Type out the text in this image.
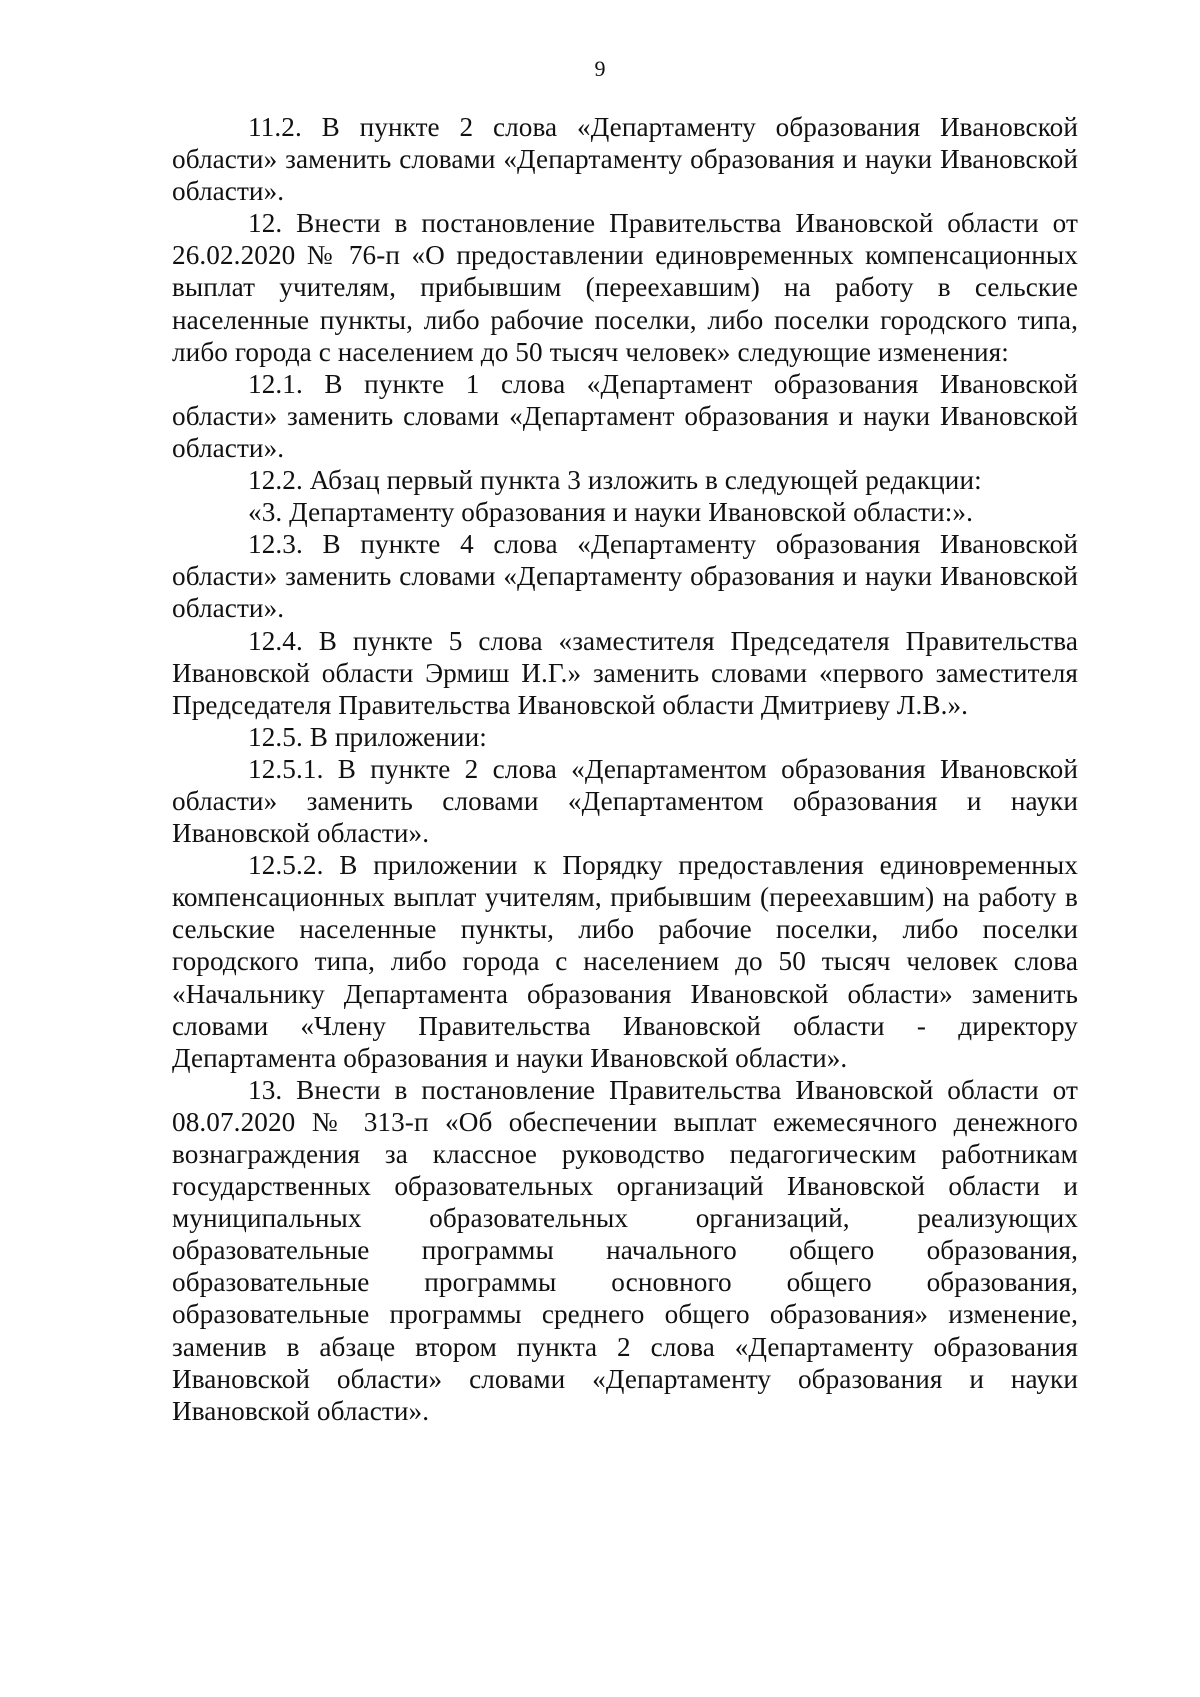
9

11.2. В пункте 2 слова «Департаменту образования Ивановской области» заменить словами «Департаменту образования и науки Ивановской области».

12. Внести в постановление Правительства Ивановской области от 26.02.2020 № 76-п «О предоставлении единовременных компенсационных выплат учителям, прибывшим (переехавшим) на работу в сельские населенные пункты, либо рабочие поселки, либо поселки городского типа, либо города с населением до 50 тысяч человек» следующие изменения:

12.1. В пункте 1 слова «Департамент образования Ивановской области» заменить словами «Департамент образования и науки Ивановской области».

12.2. Абзац первый пункта 3 изложить в следующей редакции:

«3. Департаменту образования и науки Ивановской области:».

12.3. В пункте 4 слова «Департаменту образования Ивановской области» заменить словами «Департаменту образования и науки Ивановской области».

12.4. В пункте 5 слова «заместителя Председателя Правительства Ивановской области Эрмиш И.Г.» заменить словами «первого заместителя Председателя Правительства Ивановской области Дмитриеву Л.В.».

12.5. В приложении:

12.5.1. В пункте 2 слова «Департаментом образования Ивановской области» заменить словами «Департаментом образования и науки Ивановской области».

12.5.2. В приложении к Порядку предоставления единовременных компенсационных выплат учителям, прибывшим (переехавшим) на работу в сельские населенные пункты, либо рабочие поселки, либо поселки городского типа, либо города с населением до 50 тысяч человек слова «Начальнику Департамента образования Ивановской области» заменить словами «Члену Правительства Ивановской области - директору Департамента образования и науки Ивановской области».

13. Внести в постановление Правительства Ивановской области от 08.07.2020 № 313-п «Об обеспечении выплат ежемесячного денежного вознаграждения за классное руководство педагогическим работникам государственных образовательных организаций Ивановской области и муниципальных образовательных организаций, реализующих образовательные программы начального общего образования, образовательные программы основного общего образования, образовательные программы среднего общего образования» изменение, заменив в абзаце втором пункта 2 слова «Департаменту образования Ивановской области» словами «Департаменту образования и науки Ивановской области».
